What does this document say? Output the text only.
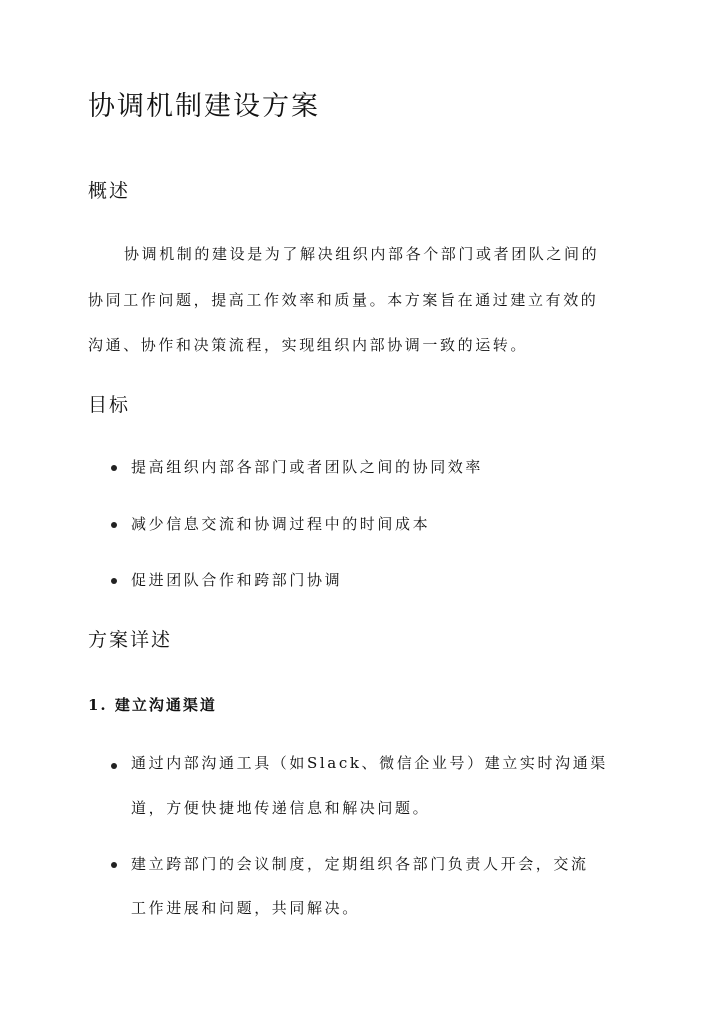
协调机制建设方案
概述

协调机制的建设是为了解决组织内部各个部门或者团队之间的

协同工作问题，提高工作效率和质量。本方案旨在通过建立有效的

沟通、协作和决策流程，实现组织内部协调一致的运转。

目标

提高组织内部各部门或者团队之间的协同效率

减少信息交流和协调过程中的时间成本

促进团队合作和跨部门协调

方案详述
1. 建立沟通渠道

通过内部沟通工具（如Slack、微信企业号）建立实时沟通渠

道，方便快捷地传递信息和解决问题。

建立跨部门的会议制度，定期组织各部门负责人开会，交流

工作进展和问题，共同解决。
